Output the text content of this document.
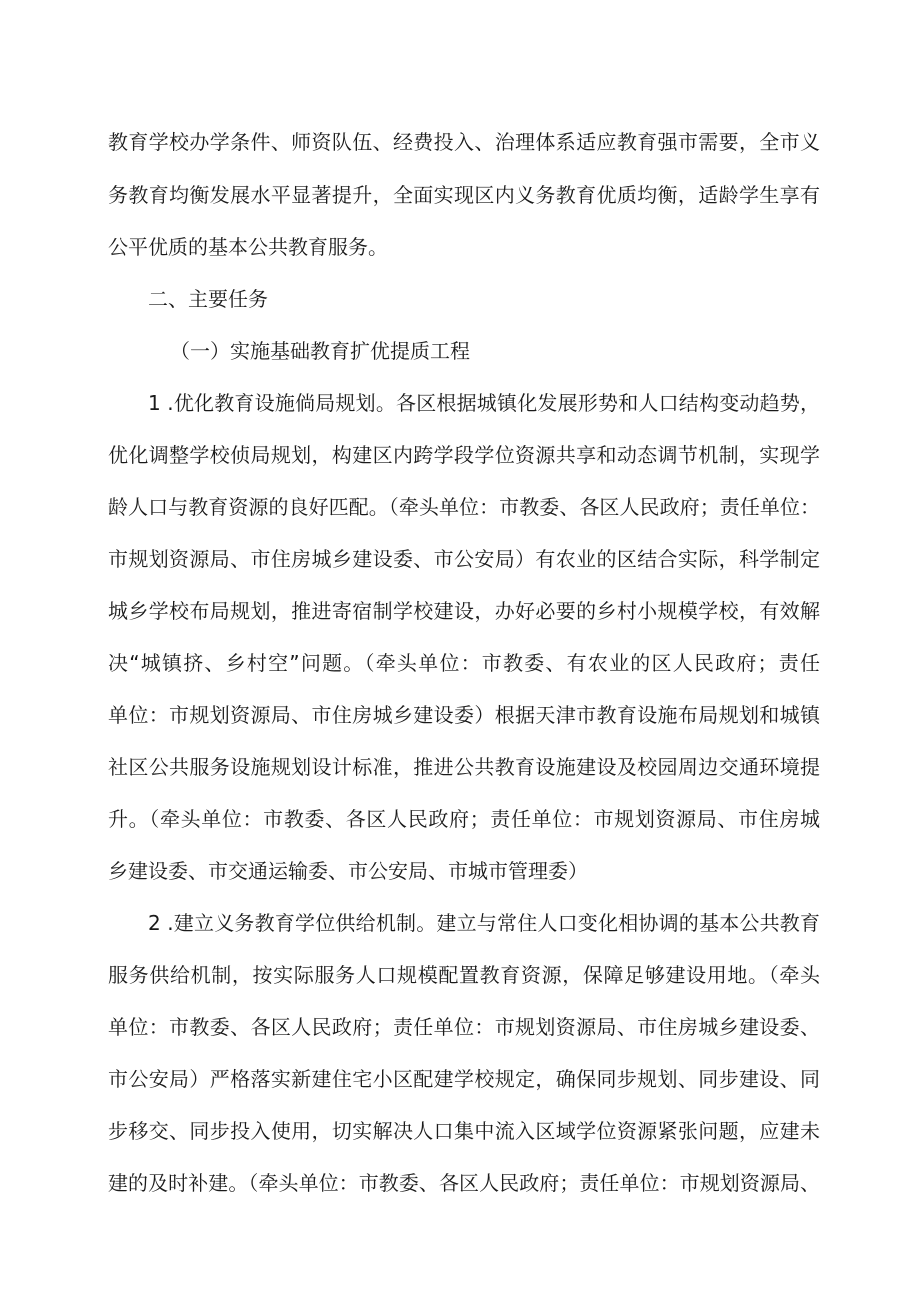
教育学校办学条件、师资队伍、经费投入、治理体系适应教育强市需要，全市义
务教育均衡发展水平显著提升，全面实现区内义务教育优质均衡，适龄学生享有
公平优质的基本公共教育服务。
二、主要任务
（一）实施基础教育扩优提质工程
1 .优化教育设施倘局规划。各区根据城镇化发展形势和人口结构变动趋势，
优化调整学校侦局规划，构建区内跨学段学位资源共享和动态调节机制，实现学
龄人口与教育资源的良好匹配。（牵头单位：市教委、各区人民政府；责任单位：
市规划资源局、市住房城乡建设委、市公安局）有农业的区结合实际，科学制定
城乡学校布局规划，推进寄宿制学校建设，办好必要的乡村小规模学校，有效解
决“城镇挤、乡村空”问题。（牵头单位：市教委、有农业的区人民政府；责任
单位：市规划资源局、市住房城乡建设委）根据天津市教育设施布局规划和城镇
社区公共服务设施规划设计标准，推进公共教育设施建设及校园周边交通环境提
升。（牵头单位：市教委、各区人民政府；责任单位：市规划资源局、市住房城
乡建设委、市交通运输委、市公安局、市城市管理委）
2 .建立义务教育学位供给机制。建立与常住人口变化相协调的基本公共教育
服务供给机制，按实际服务人口规模配置教育资源，保障足够建设用地。（牵头
单位：市教委、各区人民政府；责任单位：市规划资源局、市住房城乡建设委、
市公安局）严格落实新建住宅小区配建学校规定，确保同步规划、同步建设、同
步移交、同步投入使用，切实解决人口集中流入区域学位资源紧张问题，应建未
建的及时补建。（牵头单位：市教委、各区人民政府；责任单位：市规划资源局、
